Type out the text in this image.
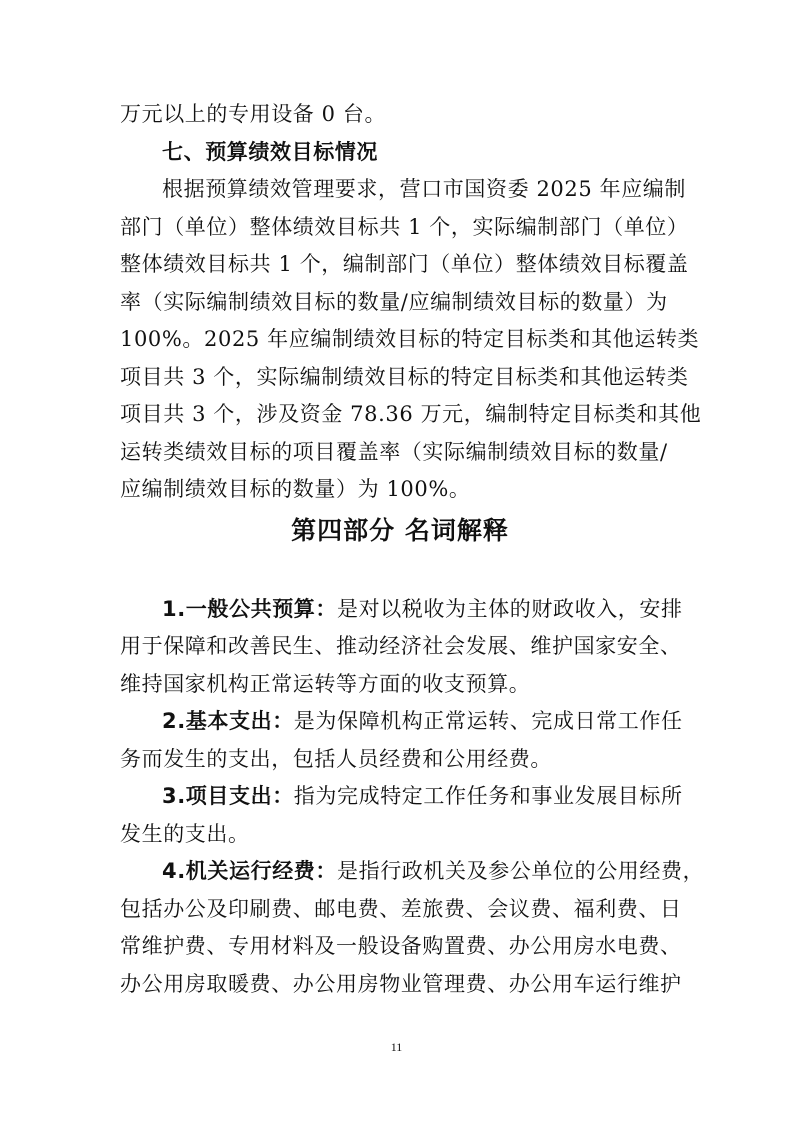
万元以上的专用设备 0 台。
七、预算绩效目标情况
根据预算绩效管理要求，营口市国资委 2025 年应编制
部门（单位）整体绩效目标共 1 个，实际编制部门（单位）
整体绩效目标共 1 个，编制部门（单位）整体绩效目标覆盖
率（实际编制绩效目标的数量/应编制绩效目标的数量）为
100%。2025 年应编制绩效目标的特定目标类和其他运转类
项目共 3 个，实际编制绩效目标的特定目标类和其他运转类
项目共 3 个，涉及资金 78.36 万元，编制特定目标类和其他
运转类绩效目标的项目覆盖率（实际编制绩效目标的数量/
应编制绩效目标的数量）为 100%。
第四部分 名词解释
1.一般公共预算：是对以税收为主体的财政收入，安排
用于保障和改善民生、推动经济社会发展、维护国家安全、
维持国家机构正常运转等方面的收支预算。
2.基本支出：是为保障机构正常运转、完成日常工作任
务而发生的支出，包括人员经费和公用经费。
3.项目支出：指为完成特定工作任务和事业发展目标所
发生的支出。
4.机关运行经费：是指行政机关及参公单位的公用经费，
包括办公及印刷费、邮电费、差旅费、会议费、福利费、日
常维护费、专用材料及一般设备购置费、办公用房水电费、
办公用房取暖费、办公用房物业管理费、办公用车运行维护
11
